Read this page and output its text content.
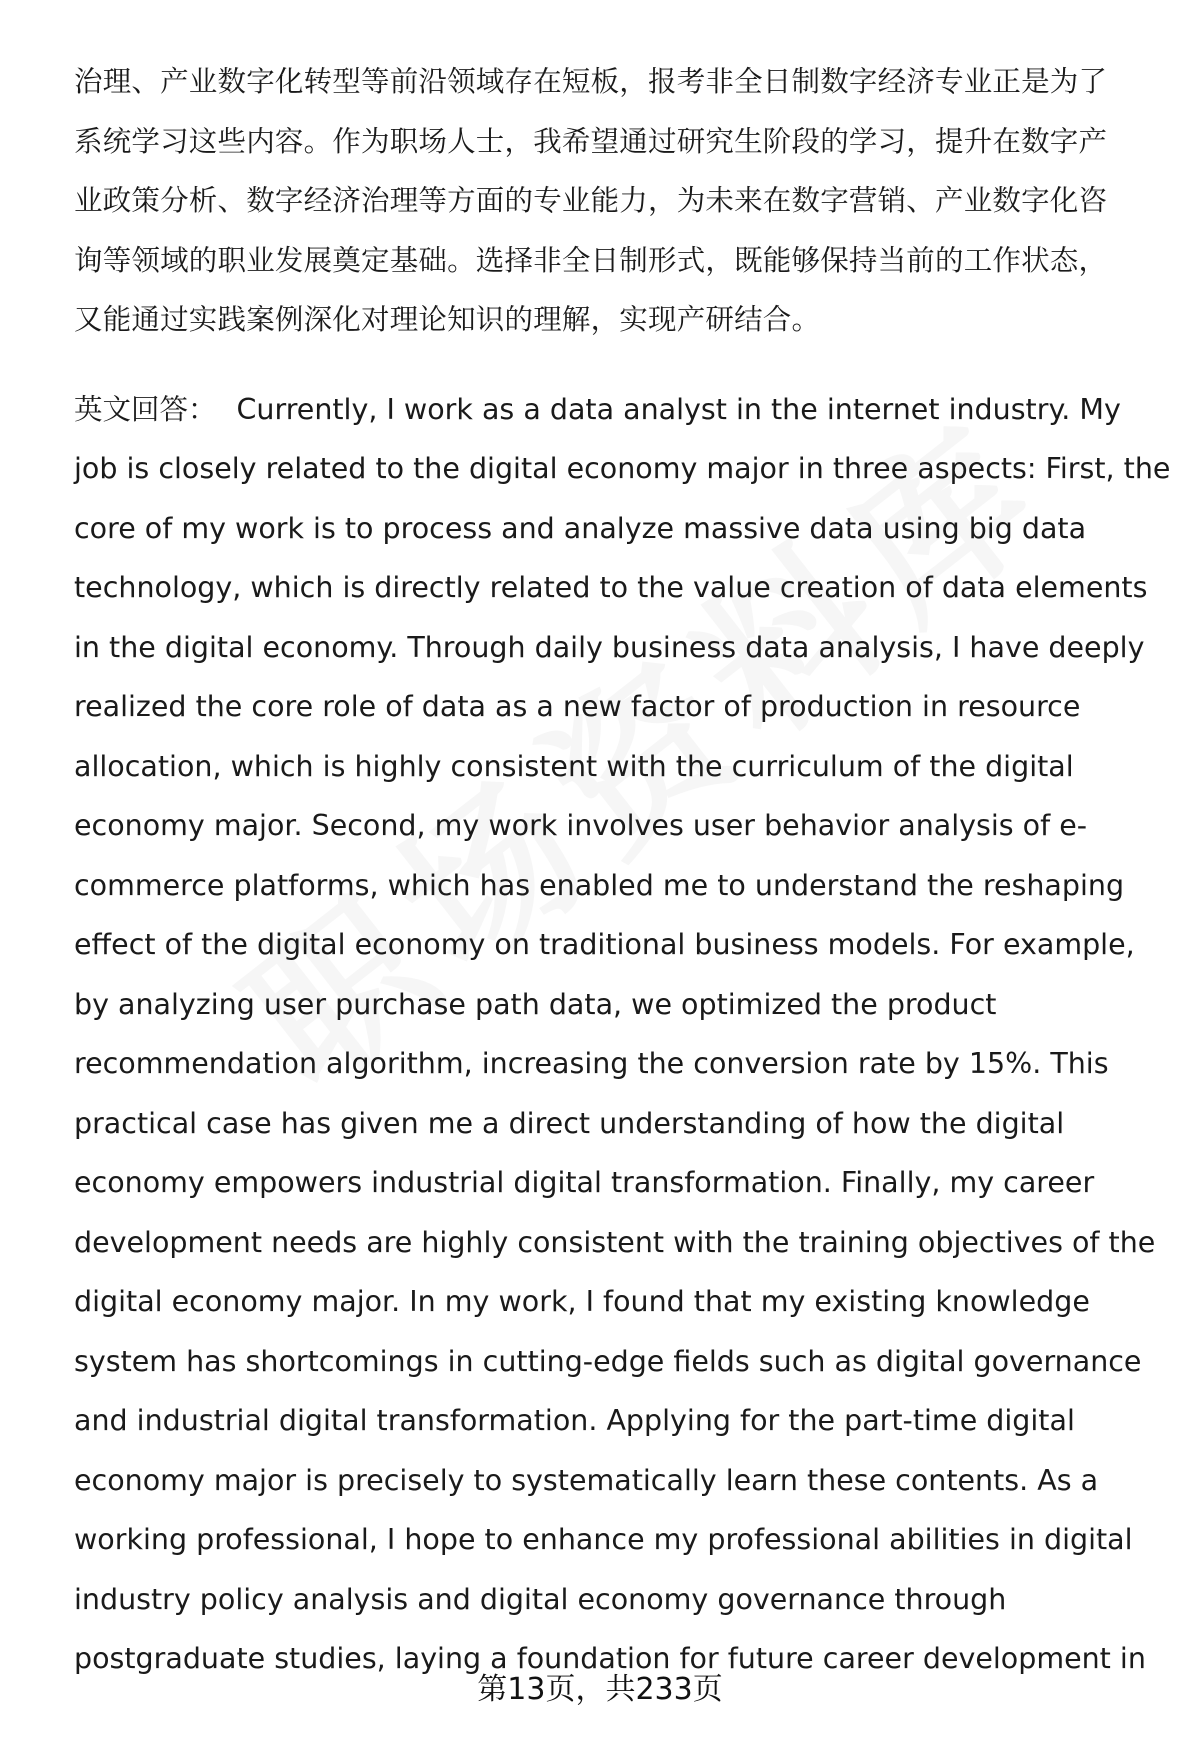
治理、产业数字化转型等前沿领域存在短板，报考非全日制数字经济专业正是为了
系统学习这些内容。作为职场人士，我希望通过研究生阶段的学习，提升在数字产
业政策分析、数字经济治理等方面的专业能力，为未来在数字营销、产业数字化咨
询等领域的职业发展奠定基础。选择非全日制形式，既能够保持当前的工作状态，
又能通过实践案例深化对理论知识的理解，实现产研结合。

英文回答： Currently, I work as a data analyst in the internet industry. My
job is closely related to the digital economy major in three aspects: First, the
core of my work is to process and analyze massive data using big data
technology, which is directly related to the value creation of data elements
in the digital economy. Through daily business data analysis, I have deeply
realized the core role of data as a new factor of production in resource
allocation, which is highly consistent with the curriculum of the digital
economy major. Second, my work involves user behavior analysis of e-
commerce platforms, which has enabled me to understand the reshaping
effect of the digital economy on traditional business models. For example,
by analyzing user purchase path data, we optimized the product
recommendation algorithm, increasing the conversion rate by 15%. This
practical case has given me a direct understanding of how the digital
economy empowers industrial digital transformation. Finally, my career
development needs are highly consistent with the training objectives of the
digital economy major. In my work, I found that my existing knowledge
system has shortcomings in cutting-edge fields such as digital governance
and industrial digital transformation. Applying for the part-time digital
economy major is precisely to systematically learn these contents. As a
working professional, I hope to enhance my professional abilities in digital
industry policy analysis and digital economy governance through
postgraduate studies, laying a foundation for future career development in

第13页，共233页
